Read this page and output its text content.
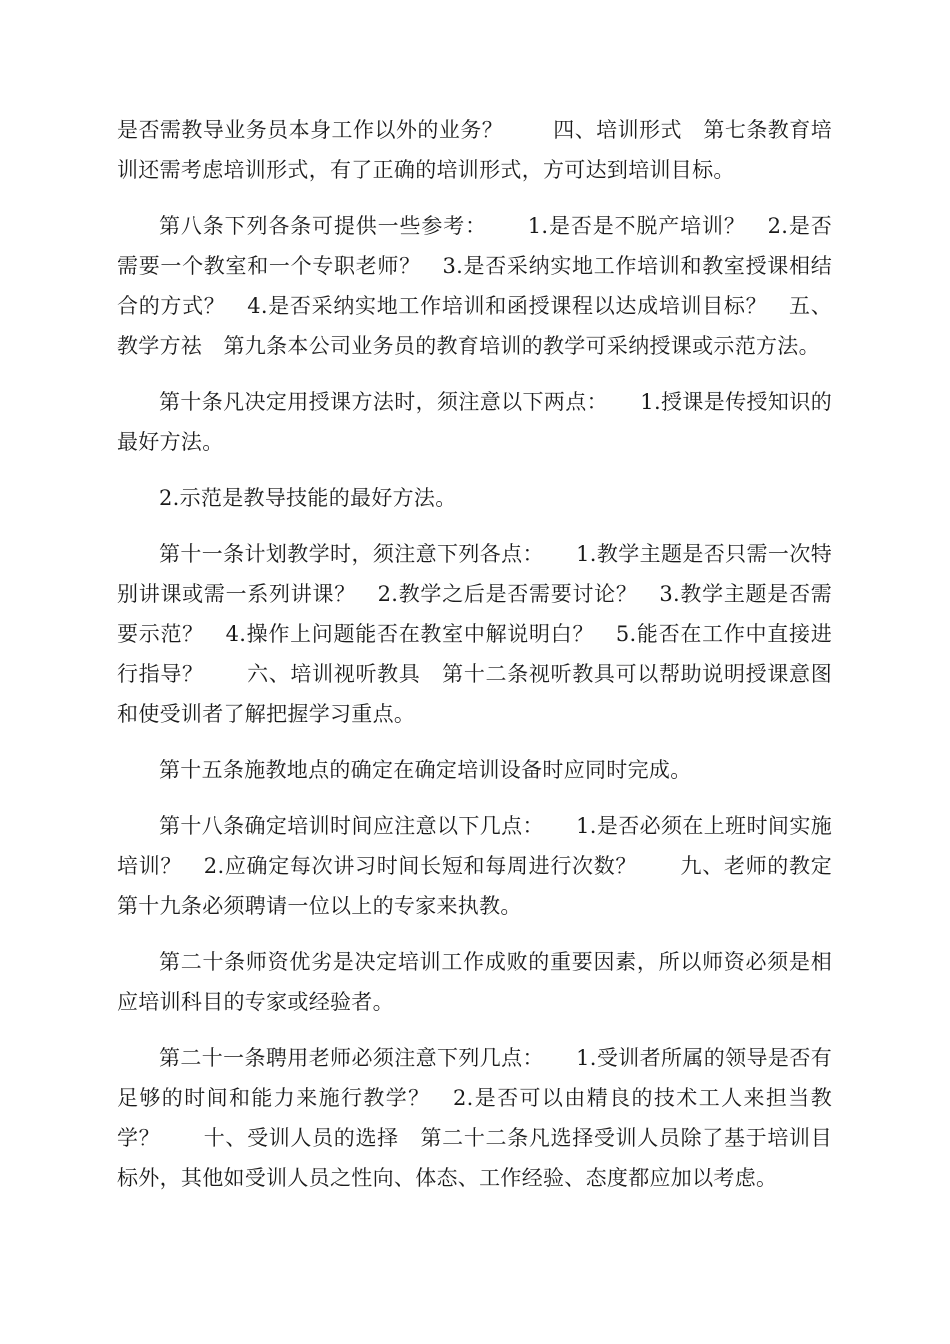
是否需教导业务员本身工作以外的业务？　　 四、培训形式　第七条教育培训还需考虑培训形式，有了正确的培训形式，方可达到培训目标。

第八条下列各条可提供一些参考：　　 1.是否是不脱产培训？　2.是否需要一个教室和一个专职老师？　3.是否采纳实地工作培训和教室授课相结合的方式？　4.是否采纳实地工作培训和函授课程以达成培训目标？　五、教学方祛　第九条本公司业务员的教育培训的教学可采纳授课或示范方法。

第十条凡决定用授课方法时，须注意以下两点：　　1.授课是传授知识的最好方法。

2.示范是教导技能的最好方法。

第十一条计划教学时，须注意下列各点：　　1.教学主题是否只需一次特别讲课或需一系列讲课？　2.教学之后是否需要讨论？　3.教学主题是否需要示范？　4.操作上问题能否在教室中解说明白？　5.能否在工作中直接进行指导？　　六、培训视听教具　第十二条视听教具可以帮助说明授课意图和使受训者了解把握学习重点。

第十五条施教地点的确定在确定培训设备时应同时完成。

第十八条确定培训时间应注意以下几点：　　1.是否必须在上班时间实施培训？　2.应确定每次讲习时间长短和每周进行次数？　　九、老师的教定　第十九条必须聘请一位以上的专家来执教。

第二十条师资优劣是决定培训工作成败的重要因素，所以师资必须是相应培训科目的专家或经验者。

第二十一条聘用老师必须注意下列几点：　　1.受训者所属的领导是否有足够的时间和能力来施行教学？　2.是否可以由精良的技术工人来担当教学？　　十、受训人员的选择　第二十二条凡选择受训人员除了基于培训目标外，其他如受训人员之性向、体态、工作经验、态度都应加以考虑。
